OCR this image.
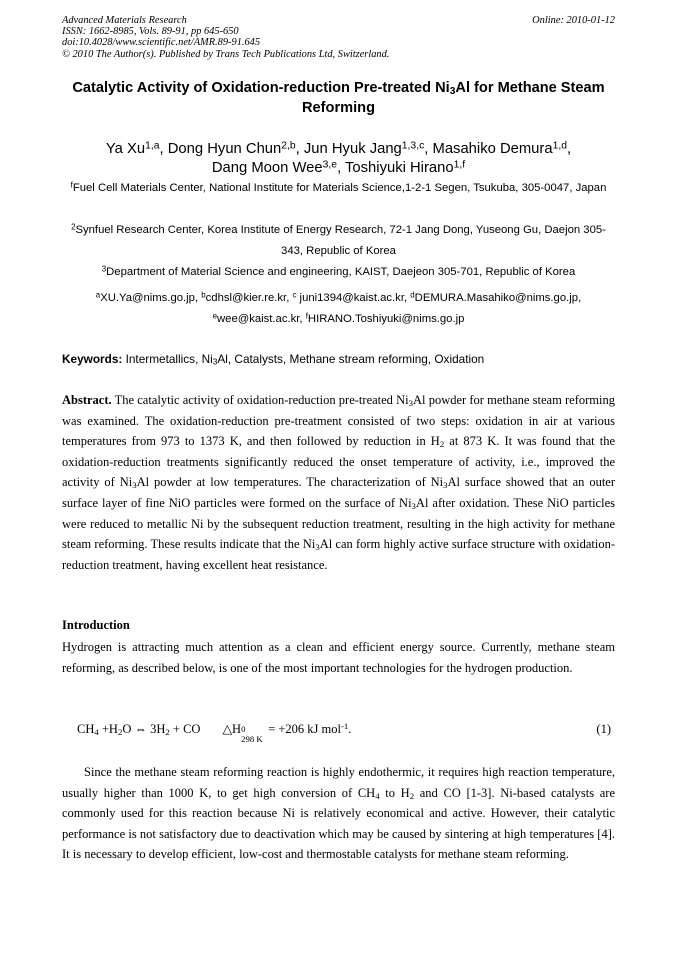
Advanced Materials Research
ISSN: 1662-8985, Vols. 89-91, pp 645-650
doi:10.4028/www.scientific.net/AMR.89-91.645
© 2010 The Author(s). Published by Trans Tech Publications Ltd, Switzerland.
Online: 2010-01-12
Catalytic Activity of Oxidation-reduction Pre-treated $Ni_3Al$ for Methane Steam Reforming
Ya Xu$^{1,a}$, Dong Hyun Chun$^{2,b}$, Jun Hyuk Jang$^{1,3,c}$, Masahiko Demura$^{1,d}$,
Dang Moon Wee$^{3,e}$, Toshiyuki Hirano$^{1,f}$
$^f$Fuel Cell Materials Center, National Institute for Materials Science,1-2-1 Segen, Tsukuba, 305-0047, Japan
$^2$Synfuel Research Center, Korea Institute of Energy Research, 72-1 Jang Dong, Yuseong Gu, Daejon 305-343, Republic of Korea
$^3$Department of Material Science and engineering, KAIST, Daejeon 305-701, Republic of Korea
$^a$XU.Ya@nims.go.jp, $^b$cdhsl@kier.re.kr, $^c$ juni1394@kaist.ac.kr, $^d$DEMURA.Masahiko@nims.go.jp, $^e$wee@kaist.ac.kr, $^f$HIRANO.Toshiyuki@nims.go.jp
Keywords: Intermetallics, $Ni_3Al$, Catalysts, Methane stream reforming, Oxidation
Abstract. The catalytic activity of oxidation-reduction pre-treated $Ni_3Al$ powder for methane steam reforming was examined. The oxidation-reduction pre-treatment consisted of two steps: oxidation in air at various temperatures from 973 to 1373 K, and then followed by reduction in $H_2$ at 873 K. It was found that the oxidation-reduction treatments significantly reduced the onset temperature of activity, i.e., improved the activity of $Ni_3Al$ powder at low temperatures. The characterization of $Ni_3Al$ surface showed that an outer surface layer of fine NiO particles were formed on the surface of $Ni_3Al$ after oxidation. These NiO particles were reduced to metallic Ni by the subsequent reduction treatment, resulting in the high activity for methane steam reforming. These results indicate that the $Ni_3Al$ can form highly active surface structure with oxidation-reduction treatment, having excellent heat resistance.
Introduction
Hydrogen is attracting much attention as a clean and efficient energy source. Currently, methane steam reforming, as described below, is one of the most important technologies for the hydrogen production.
$CH_4 +H_2O$ ⇔ $3H_2$ + CO △H 0
298 K
= +206 kJ mol$^{-1}$.	(1)
Since the methane steam reforming reaction is highly endothermic, it requires high reaction temperature, usually higher than 1000 K, to get high conversion of $CH_4$ to $H_2$ and CO [1-3]. Ni-based catalysts are commonly used for this reaction because Ni is relatively economical and active. However, their catalytic performance is not satisfactory due to deactivation which may be caused by sintering at high temperatures [4]. It is necessary to develop efficient, low-cost and thermostable catalysts for methane steam reforming.
